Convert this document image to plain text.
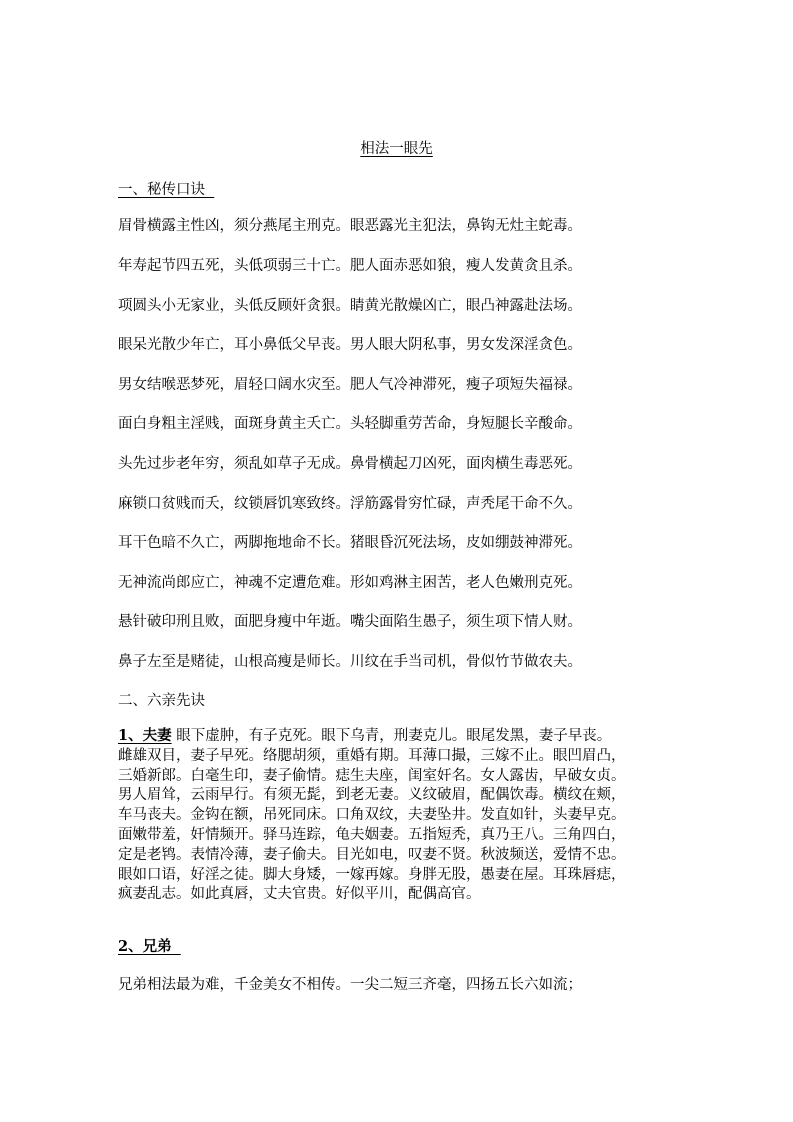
相法一眼先
一、秘传口诀
眉骨横露主性凶，须分燕尾主刑克。眼恶露光主犯法，鼻钩无灶主蛇毒。
年寿起节四五死，头低项弱三十亡。肥人面赤恶如狼，瘦人发黄贪且杀。
项圆头小无家业，头低反顾奸贪狠。睛黄光散燥凶亡，眼凸神露赴法场。
眼呆光散少年亡，耳小鼻低父早丧。男人眼大阴私事，男女发深淫贪色。
男女结喉恶梦死，眉轻口阔水灾至。肥人气冷神滞死，瘦子项短失福禄。
面白身粗主淫贱，面斑身黄主夭亡。头轻脚重劳苦命，身短腿长辛酸命。
头先过步老年穷，须乱如草子无成。鼻骨横起刀凶死，面肉横生毒恶死。
麻锁口贫贱而夭，纹锁唇饥寒致终。浮筋露骨穷忙碌，声秃尾干命不久。
耳干色暗不久亡，两脚拖地命不长。猪眼昏沉死法场，皮如绷鼓神滞死。
无神流尚郎应亡，神魂不定遭危难。形如鸡淋主困苦，老人色嫩刑克死。
悬针破印刑且败，面肥身瘦中年逝。嘴尖面陷生愚子，须生项下情人财。
鼻子左至是赌徒，山根高瘦是师长。川纹在手当司机，骨似竹节做农夫。
二、六亲先诀
1、夫妻 眼下虚肿，有子克死。眼下乌青，刑妻克儿。眼尾发黑，妻子早丧。
雌雄双目，妻子早死。络腮胡须，重婚有期。耳薄口撮，三嫁不止。眼凹眉凸，
三婚新郎。白毫生印，妻子偷情。痣生夫座，闺室奸名。女人露齿，早破女贞。
男人眉耸，云雨早行。有须无髭，到老无妻。义纹破眉，配偶饮毒。横纹在颊，
车马丧夫。金钩在额，吊死同床。口角双纹，夫妻坠井。发直如针，头妻早克。
面嫩带羞，奸情频开。驿马连踪，龟夫姻妻。五指短秃，真乃王八。三角四白，
定是老鸨。表情冷薄，妻子偷夫。目光如电，叹妻不贤。秋波频送，爱情不忠。
眼如口语，好淫之徒。脚大身矮，一嫁再嫁。身胖无股，愚妻在屋。耳珠唇痣，
疯妻乱志。如此真唇，丈夫官贵。好似平川，配偶高官。
2、兄弟
兄弟相法最为难，千金美女不相传。一尖二短三齐毫，四扬五长六如流；
